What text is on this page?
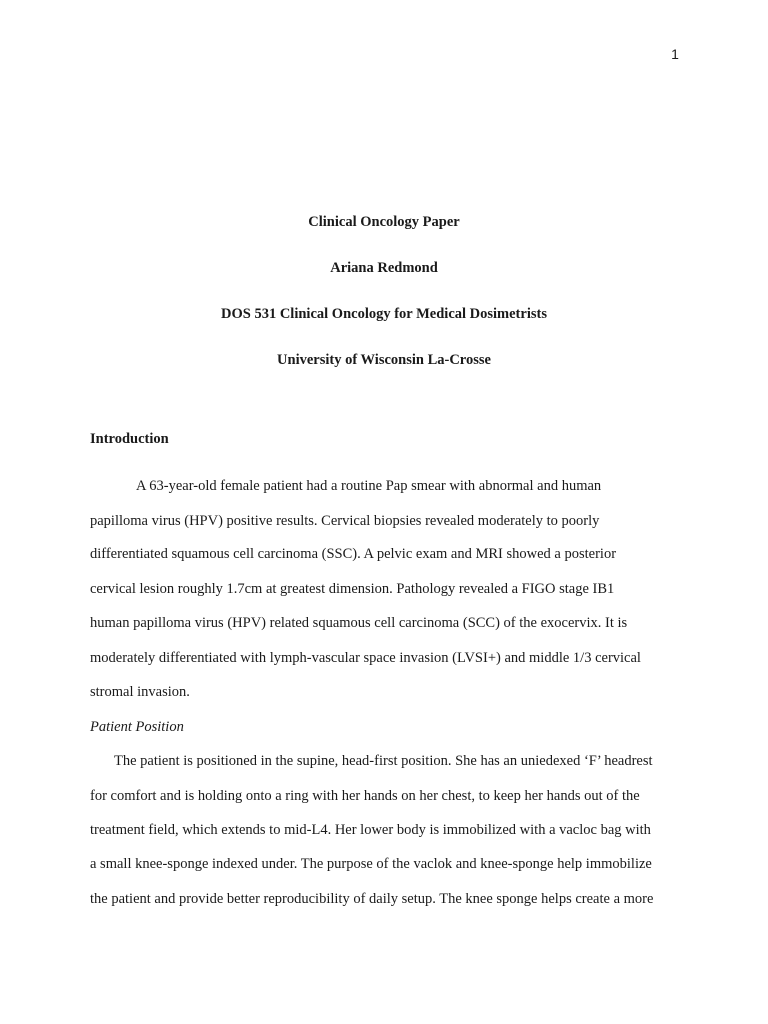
1
Clinical Oncology Paper
Ariana Redmond
DOS 531 Clinical Oncology for Medical Dosimetrists
University of Wisconsin La-Crosse
Introduction
A 63-year-old female patient had a routine Pap smear with abnormal and human
papilloma virus (HPV) positive results. Cervical biopsies revealed moderately to poorly
differentiated squamous cell carcinoma (SSC). A pelvic exam and MRI showed a posterior
cervical lesion roughly 1.7cm at greatest dimension. Pathology revealed a FIGO stage IB1
human papilloma virus (HPV) related squamous cell carcinoma (SCC) of the exocervix. It is
moderately differentiated with lymph-vascular space invasion (LVSI+) and middle 1/3 cervical
stromal invasion.
Patient Position
The patient is positioned in the supine, head-first position. She has an uniedexed ‘F’ headrest
for comfort and is holding onto a ring with her hands on her chest, to keep her hands out of the
treatment field, which extends to mid-L4. Her lower body is immobilized with a vacloc bag with
a small knee-sponge indexed under. The purpose of the vaclok and knee-sponge help immobilize
the patient and provide better reproducibility of daily setup. The knee sponge helps create a more
